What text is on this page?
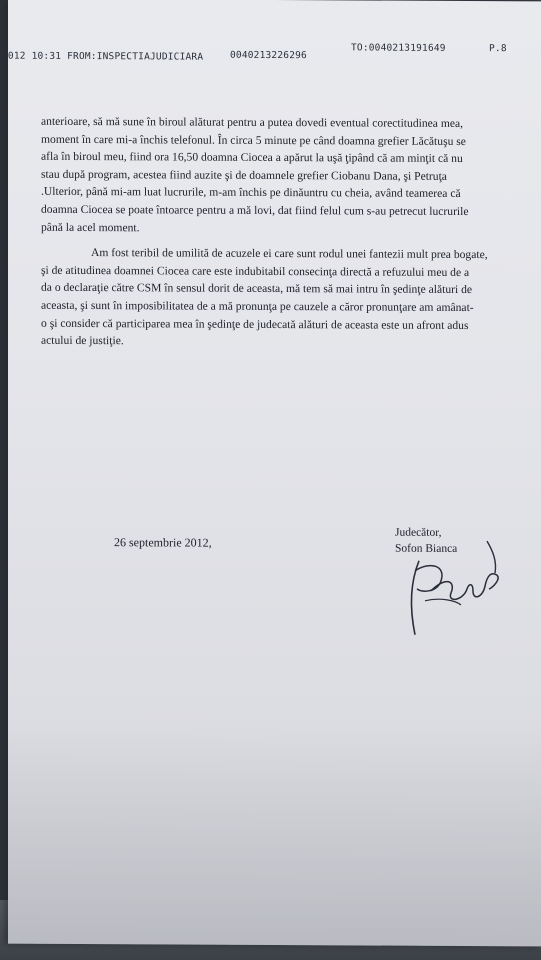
2012 10:31 FROM:INSPECTIAJUDICIARA	0040213226296
TO:0040213191649	P.8

anterioare, să mă sune în biroul alăturat pentru a putea dovedi eventual corectitudinea mea,
moment în care mi-a închis telefonul. În circa 5 minute pe când doamna grefier Lăcătuşu se
afla în biroul meu, fiind ora 16,50 doamna Ciocea a apărut la uşă ţipând că am minţit că nu
stau după program, acestea fiind auzite şi de doamnele grefier Ciobanu Dana, şi Petruţa
.Ulterior, până mi-am luat lucrurile, m-am închis pe dinăuntru cu cheia, având teamerea că
doamna Ciocea se poate întoarce pentru a mă lovi, dat fiind felul cum s-au petrecut lucrurile
până la acel moment.

Am fost teribil de umilită de acuzele ei care sunt rodul unei fantezii mult prea bogate,
şi de atitudinea doamnei Ciocea care este indubitabil consecinţa directă a refuzului meu de a
da o declaraţie către CSM în sensul dorit de aceasta, mă tem să mai intru în şedinţe alături de
aceasta, şi sunt în imposibilitatea de a mă pronunţa pe cauzele a căror pronunţare am amânat-
o şi consider că participarea mea în şedinţe de judecată alături de aceasta este un afront adus
actului de justiţie.

26 septembrie 2012,
Judecător,
Sofon Bianca
